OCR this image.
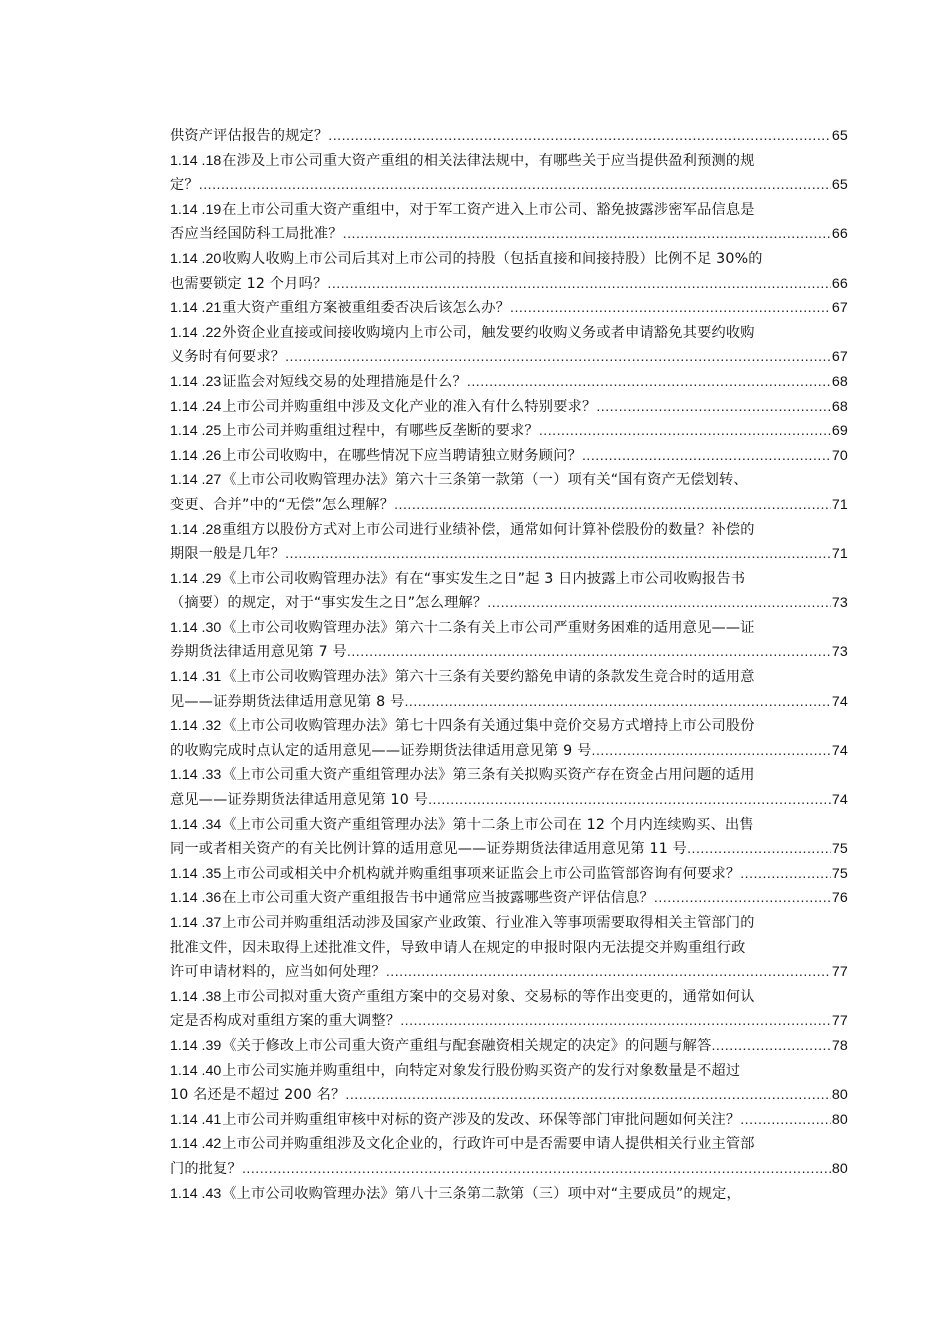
供资产评估报告的规定？ .....	65
1.14 .18在涉及上市公司重大资产重组的相关法律法规中，有哪些关于应当提供盈利预测的规
定？ .....	65
1.14 .19在上市公司重大资产重组中，对于军工资产进入上市公司、豁免披露涉密军品信息是
否应当经国防科工局批准？ .....	66
1.14 .20收购人收购上市公司后其对上市公司的持股（包括直接和间接持股）比例不足 30%的
也需要锁定 12 个月吗？ .....	66
1.14 .21重大资产重组方案被重组委否决后该怎么办？ .....	67
1.14 .22外资企业直接或间接收购境内上市公司，触发要约收购义务或者申请豁免其要约收购
义务时有何要求？ .....	67
1.14 .23证监会对短线交易的处理措施是什么？ .....	68
1.14 .24上市公司并购重组中涉及文化产业的准入有什么特别要求？ .....	68
1.14 .25上市公司并购重组过程中，有哪些反垄断的要求？ .....	69
1.14 .26上市公司收购中，在哪些情况下应当聘请独立财务顾问？ .....	70
1.14 .27《上市公司收购管理办法》第六十三条第一款第（一）项有关“国有资产无偿划转、
变更、合并”中的“无偿”怎么理解？ .....	71
1.14 .28重组方以股份方式对上市公司进行业绩补偿，通常如何计算补偿股份的数量？补偿的
期限一般是几年？ .....	71
1.14 .29《上市公司收购管理办法》有在“事实发生之日”起 3 日内披露上市公司收购报告书
（摘要）的规定，对于“事实发生之日”怎么理解？ .....	73
1.14 .30《上市公司收购管理办法》第六十二条有关上市公司严重财务困难的适用意见——证
券期货法律适用意见第 7 号 .....	73
1.14 .31《上市公司收购管理办法》第六十三条有关要约豁免申请的条款发生竞合时的适用意
见——证券期货法律适用意见第 8 号 .....	74
1.14 .32《上市公司收购管理办法》第七十四条有关通过集中竞价交易方式增持上市公司股份
的收购完成时点认定的适用意见——证券期货法律适用意见第 9 号 .....	74
1.14 .33《上市公司重大资产重组管理办法》第三条有关拟购买资产存在资金占用问题的适用
意见——证券期货法律适用意见第 10 号 .....	74
1.14 .34《上市公司重大资产重组管理办法》第十二条上市公司在 12 个月内连续购买、出售
同一或者相关资产的有关比例计算的适用意见——证券期货法律适用意见第 11 号 .....	75
1.14 .35上市公司或相关中介机构就并购重组事项来证监会上市公司监管部咨询有何要求？ .....	75
1.14 .36在上市公司重大资产重组报告书中通常应当披露哪些资产评估信息？ .....	76
1.14 .37上市公司并购重组活动涉及国家产业政策、行业准入等事项需要取得相关主管部门的
批准文件，因未取得上述批准文件，导致申请人在规定的申报时限内无法提交并购重组行政
许可申请材料的，应当如何处理？ .....	77
1.14 .38上市公司拟对重大资产重组方案中的交易对象、交易标的等作出变更的，通常如何认
定是否构成对重组方案的重大调整？ .....	77
1.14 .39《关于修改上市公司重大资产重组与配套融资相关规定的决定》的问题与解答 .....	78
1.14 .40上市公司实施并购重组中，向特定对象发行股份购买资产的发行对象数量是不超过
10 名还是不超过 200 名？ .....	80
1.14 .41上市公司并购重组审核中对标的资产涉及的发改、环保等部门审批问题如何关注？ .....	80
1.14 .42上市公司并购重组涉及文化企业的，行政许可中是否需要申请人提供相关行业主管部
门的批复？ .....	80
1.14 .43《上市公司收购管理办法》第八十三条第二款第（三）项中对“主要成员”的规定，
